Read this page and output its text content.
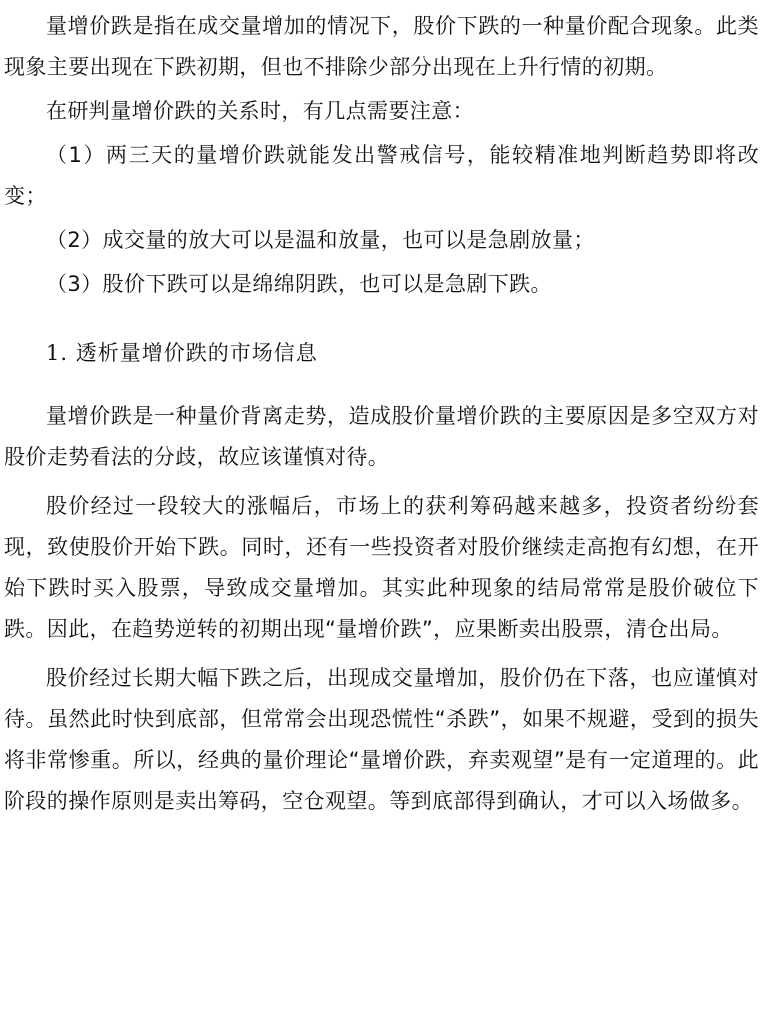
量增价跌是指在成交量增加的情况下，股价下跌的一种量价配合现象。此类现象主要出现在下跌初期，但也不排除少部分出现在上升行情的初期。

在研判量增价跌的关系时，有几点需要注意：

（1）两三天的量增价跌就能发出警戒信号，能较精准地判断趋势即将改变；

（2）成交量的放大可以是温和放量，也可以是急剧放量；

（3）股价下跌可以是绵绵阴跌，也可以是急剧下跌。

1. 透析量增价跌的市场信息

量增价跌是一种量价背离走势，造成股价量增价跌的主要原因是多空双方对股价走势看法的分歧，故应该谨慎对待。

股价经过一段较大的涨幅后，市场上的获利筹码越来越多，投资者纷纷套现，致使股价开始下跌。同时，还有一些投资者对股价继续走高抱有幻想，在开始下跌时买入股票，导致成交量增加。其实此种现象的结局常常是股价破位下跌。因此，在趋势逆转的初期出现“量增价跌”，应果断卖出股票，清仓出局。

股价经过长期大幅下跌之后，出现成交量增加，股价仍在下落，也应谨慎对待。虽然此时快到底部，但常常会出现恐慌性“杀跌”，如果不规避，受到的损失将非常惨重。所以，经典的量价理论“量增价跌，弃卖观望”是有一定道理的。此阶段的操作原则是卖出筹码，空仓观望。等到底部得到确认，才可以入场做多。
